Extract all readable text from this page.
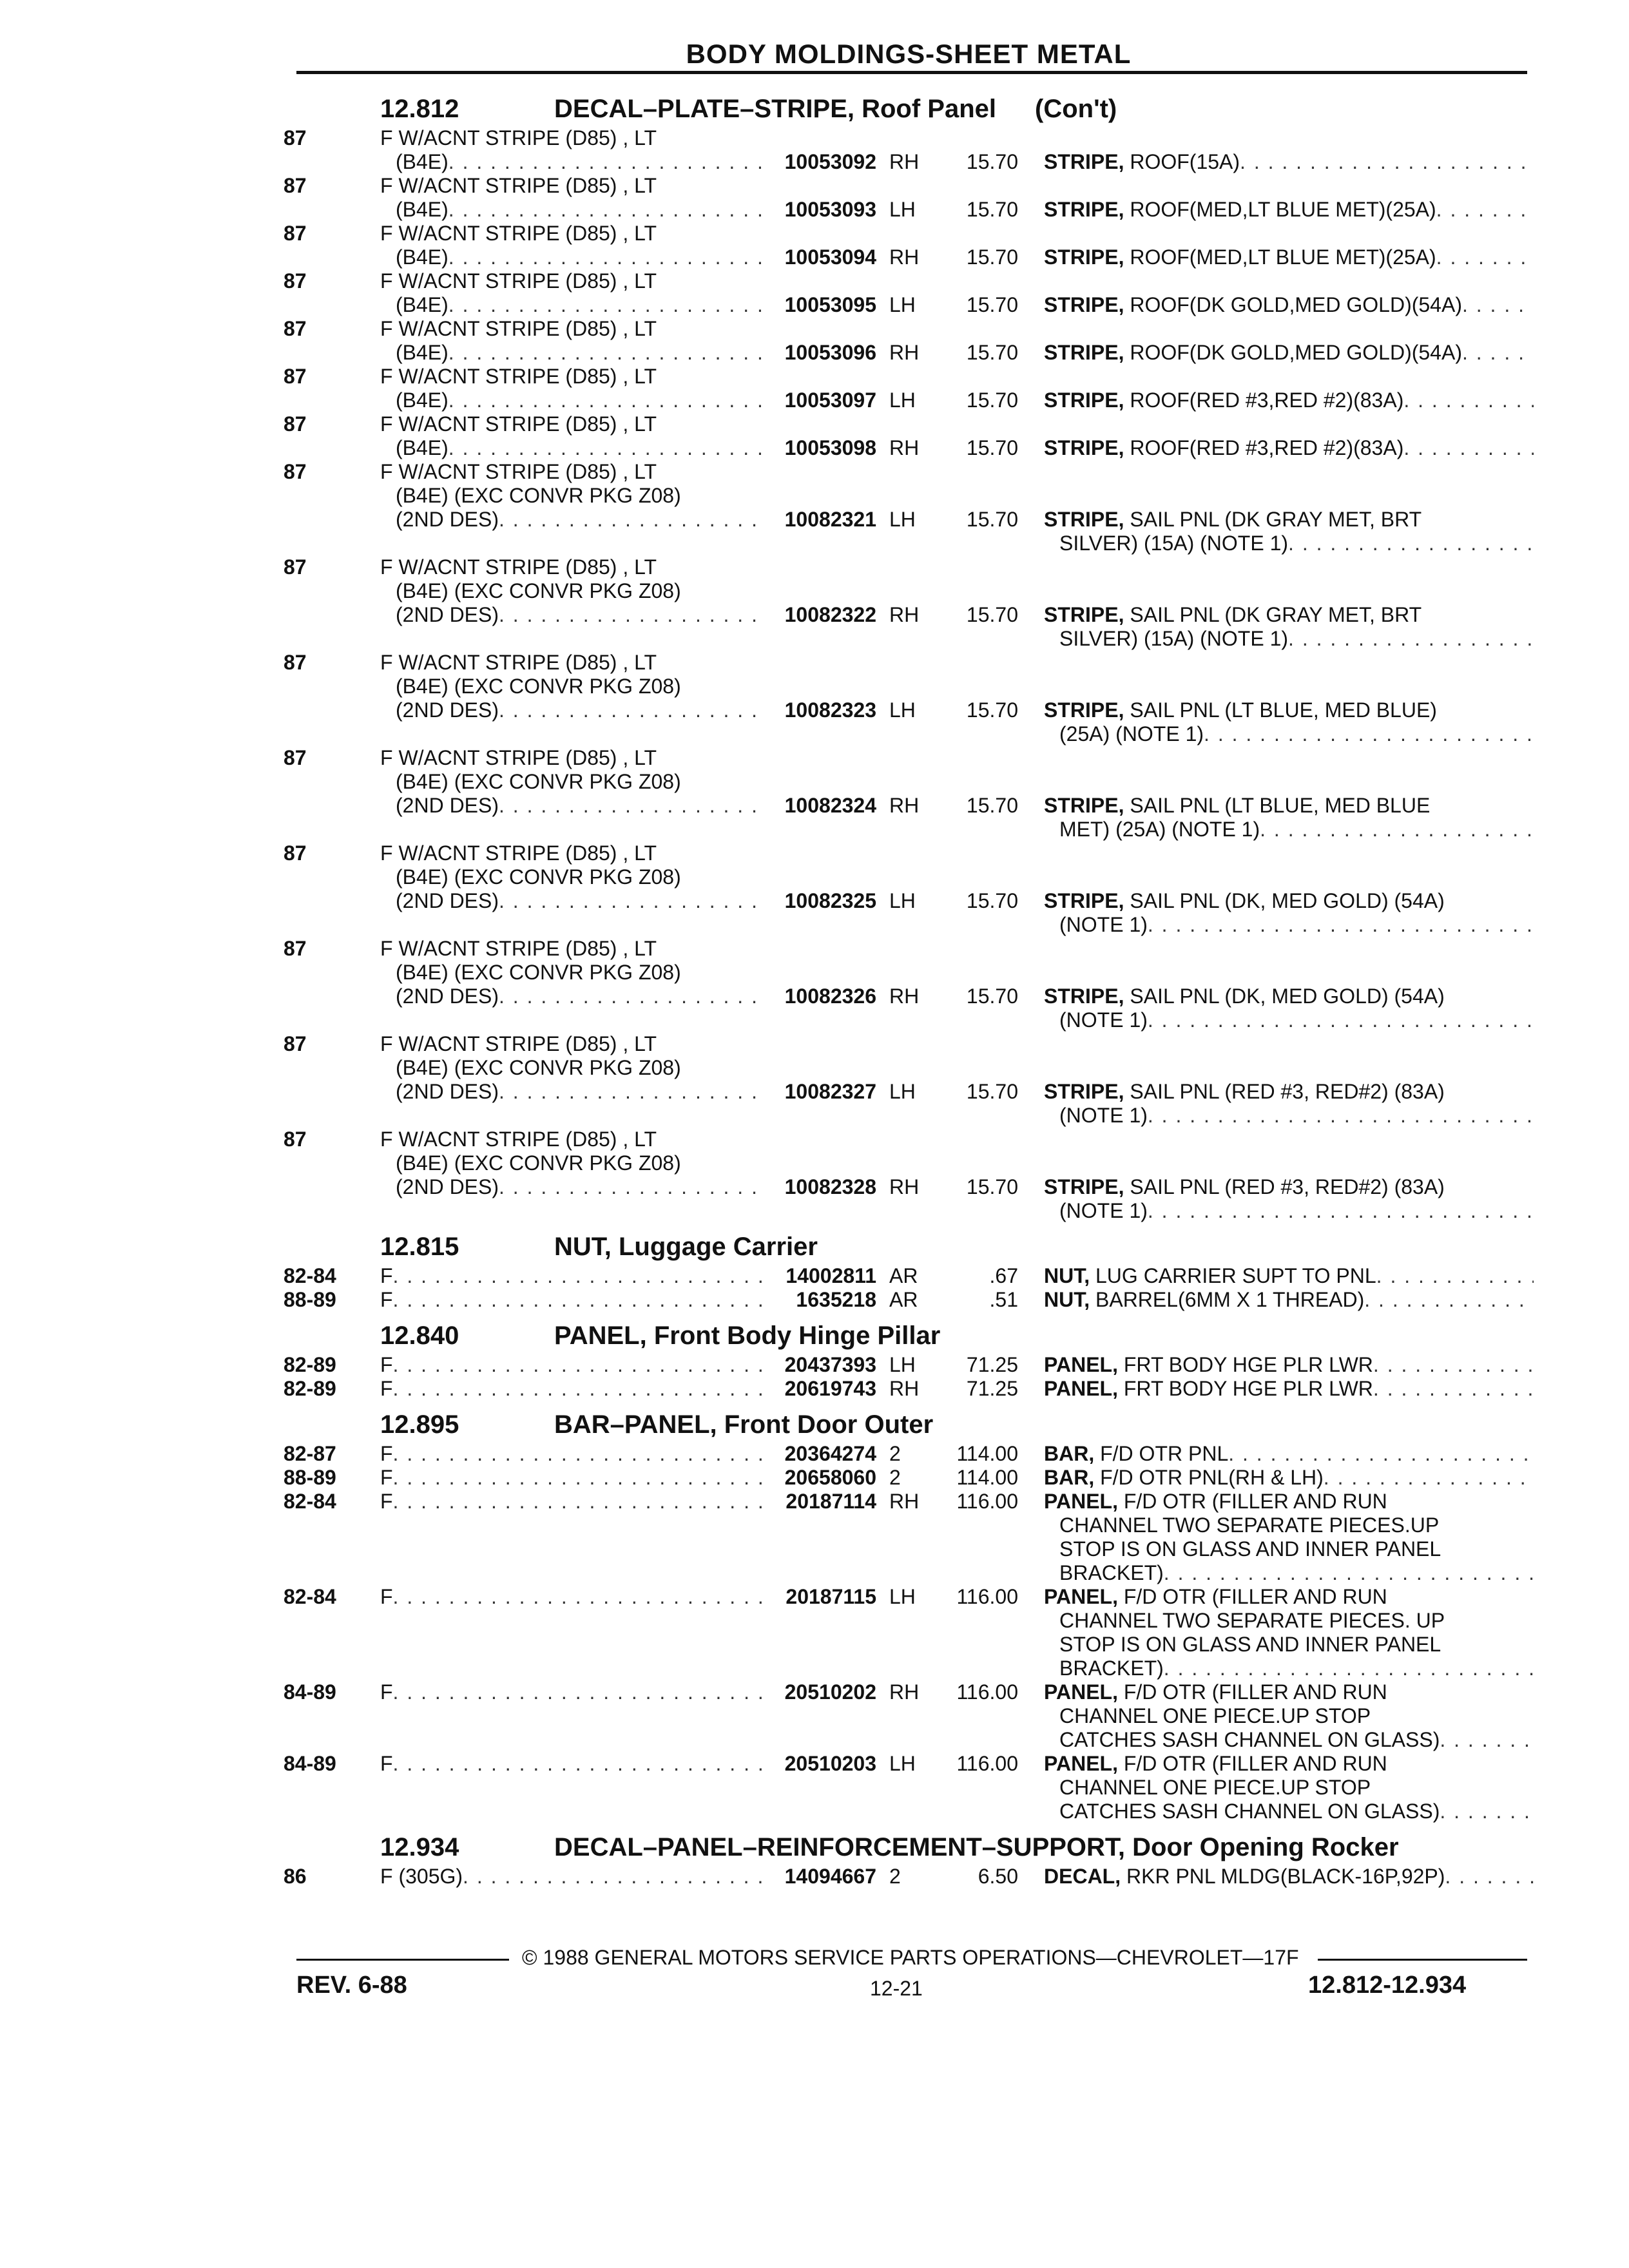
BODY MOLDINGS-SHEET METAL
12.812	DECAL–PLATE–STRIPE, Roof Panel (Con't)
87	F W/ACNT STRIPE (D85) , LT
(B4E) . . .	10053092 RH	15.70	STRIPE,
ROOF(15A)
. . .
87	F W/ACNT STRIPE (D85) , LT
(B4E) . . .	10053093 LH	15.70	STRIPE,
ROOF(MED,LT BLUE MET)(25A)
. . .
87	F W/ACNT STRIPE (D85) , LT
(B4E) . . .	10053094 RH	15.70	STRIPE,
ROOF(MED,LT BLUE MET)(25A)
. . .
87	F W/ACNT STRIPE (D85) , LT
(B4E) . . .	10053095 LH	15.70	STRIPE,
ROOF(DK GOLD,MED GOLD)(54A)
. . .
87	F W/ACNT STRIPE (D85) , LT
(B4E) . . .	10053096 RH	15.70	STRIPE,
ROOF(DK GOLD,MED GOLD)(54A)
. . .
87	F W/ACNT STRIPE (D85) , LT
(B4E) . . .	10053097 LH	15.70	STRIPE,
ROOF(RED #3,RED #2)(83A)
. . .
87	F W/ACNT STRIPE (D85) , LT
(B4E) . . .	10053098 RH	15.70	STRIPE,
ROOF(RED #3,RED #2)(83A)
. . .
87	F W/ACNT STRIPE (D85) , LT
(B4E) (EXC CONVR PKG Z08)
(2ND DES) . . .	10082321 LH	15.70	STRIPE,
SAIL PNL (DK GRAY MET, BRT
SILVER) (15A) (NOTE 1)
. . .
87	F W/ACNT STRIPE (D85) , LT
(B4E) (EXC CONVR PKG Z08)
(2ND DES) . . .	10082322 RH	15.70	STRIPE,
SAIL PNL (DK GRAY MET, BRT
SILVER) (15A) (NOTE 1)
. . .
87	F W/ACNT STRIPE (D85) , LT
(B4E) (EXC CONVR PKG Z08)
(2ND DES) . . .	10082323 LH	15.70	STRIPE,
SAIL PNL (LT BLUE, MED BLUE)
(25A) (NOTE 1)
. . .
87	F W/ACNT STRIPE (D85) , LT
(B4E) (EXC CONVR PKG Z08)
(2ND DES) . . .	10082324 RH	15.70	STRIPE,
SAIL PNL (LT BLUE, MED BLUE
MET) (25A) (NOTE 1)
. . .
87	F W/ACNT STRIPE (D85) , LT
(B4E) (EXC CONVR PKG Z08)
(2ND DES) . . .	10082325 LH	15.70	STRIPE,
SAIL PNL (DK, MED GOLD) (54A)
(NOTE 1)
. . .
87	F W/ACNT STRIPE (D85) , LT
(B4E) (EXC CONVR PKG Z08)
(2ND DES) . . .	10082326 RH	15.70	STRIPE,
SAIL PNL (DK, MED GOLD) (54A)
(NOTE 1)
. . .
87	F W/ACNT STRIPE (D85) , LT
(B4E) (EXC CONVR PKG Z08)
(2ND DES) . . .	10082327 LH	15.70	STRIPE,
SAIL PNL (RED #3, RED#2) (83A)
(NOTE 1)
. . .
87	F W/ACNT STRIPE (D85) , LT
(B4E) (EXC CONVR PKG Z08)
(2ND DES) . . .	10082328 RH	15.70	STRIPE,
SAIL PNL (RED #3, RED#2) (83A)
(NOTE 1)
. . .
12.815	NUT, Luggage Carrier
82-84	F . . .	14002811 AR	.67	NUT,
LUG CARRIER SUPT TO PNL
. . .
88-89	F . . .	1635218 AR	.51	NUT,
BARREL(6MM X 1 THREAD)
. . .
12.840	PANEL, Front Body Hinge Pillar
82-89	F . . .	20437393 LH	71.25	PANEL,
FRT BODY HGE PLR LWR
. . .
82-89	F . . .	20619743 RH	71.25	PANEL,
FRT BODY HGE PLR LWR
. . .
12.895	BAR–PANEL, Front Door Outer
82-87	F . . .	20364274 2	114.00	BAR,
F/D OTR PNL
. . .
88-89	F . . .	20658060 2	114.00	BAR,
F/D OTR PNL(RH & LH)
. . .
82-84	F . . .	20187114 RH	116.00	PANEL,
F/D OTR (FILLER AND RUN
CHANNEL TWO SEPARATE PIECES.UP
STOP IS ON GLASS AND INNER PANEL
BRACKET)
. . .
82-84	F . . .	20187115 LH	116.00	PANEL,
F/D OTR (FILLER AND RUN
CHANNEL TWO SEPARATE PIECES. UP
STOP IS ON GLASS AND INNER PANEL
BRACKET)
. . .
84-89	F . . .	20510202 RH	116.00	PANEL,
F/D OTR (FILLER AND RUN
CHANNEL ONE PIECE.UP STOP
CATCHES SASH CHANNEL ON GLASS)
. . .
84-89	F . . .	20510203 LH	116.00	PANEL,
F/D OTR (FILLER AND RUN
CHANNEL ONE PIECE.UP STOP
CATCHES SASH CHANNEL ON GLASS)
. . .
12.934	DECAL–PANEL–REINFORCEMENT–SUPPORT, Door Opening Rocker
86	F (305G) . . .	14094667 2	6.50	DECAL,
RKR PNL MLDG(BLACK-16P,92P)
. . .
© 1988 GENERAL MOTORS SERVICE PARTS OPERATIONS—CHEVROLET—17F
REV. 6-88	12-21	12.812-12.934
